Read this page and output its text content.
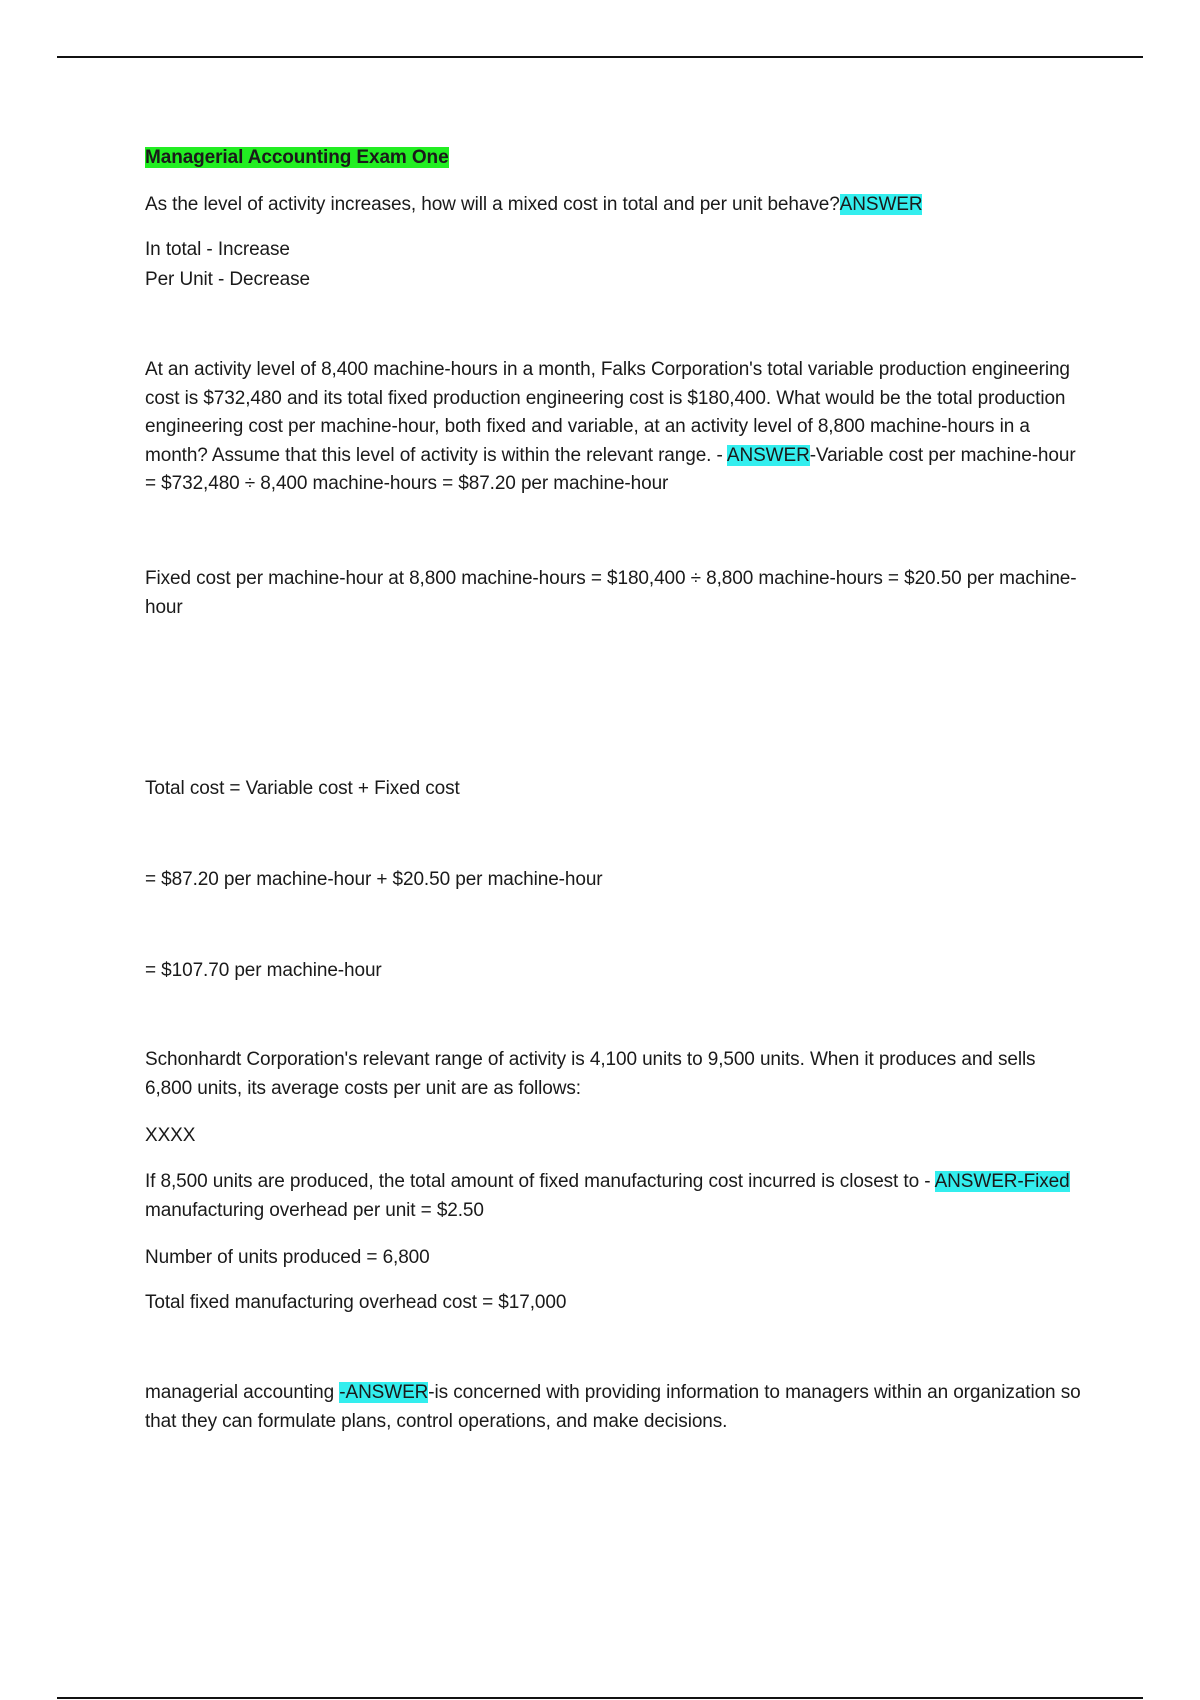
Managerial Accounting Exam One
As the level of activity increases, how will a mixed cost in total and per unit behave?ANSWER
In total - Increase
Per Unit - Decrease
At an activity level of 8,400 machine-hours in a month, Falks Corporation's total variable production engineering cost is $732,480 and its total fixed production engineering cost is $180,400. What would be the total production engineering cost per machine-hour, both fixed and variable, at an activity level of 8,800 machine-hours in a month? Assume that this level of activity is within the relevant range. - ANSWER-Variable cost per machine-hour = $732,480 ÷ 8,400 machine-hours = $87.20 per machine-hour
Fixed cost per machine-hour at 8,800 machine-hours = $180,400 ÷ 8,800 machine-hours = $20.50 per machine-hour
Total cost = Variable cost + Fixed cost
= $87.20 per machine-hour + $20.50 per machine-hour
= $107.70 per machine-hour
Schonhardt Corporation's relevant range of activity is 4,100 units to 9,500 units. When it produces and sells 6,800 units, its average costs per unit are as follows:
XXXX
If 8,500 units are produced, the total amount of fixed manufacturing cost incurred is closest to - ANSWER-Fixed manufacturing overhead per unit = $2.50
Number of units produced = 6,800
Total fixed manufacturing overhead cost = $17,000
managerial accounting -ANSWER-is concerned with providing information to managers within an organization so that they can formulate plans, control operations, and make decisions.
